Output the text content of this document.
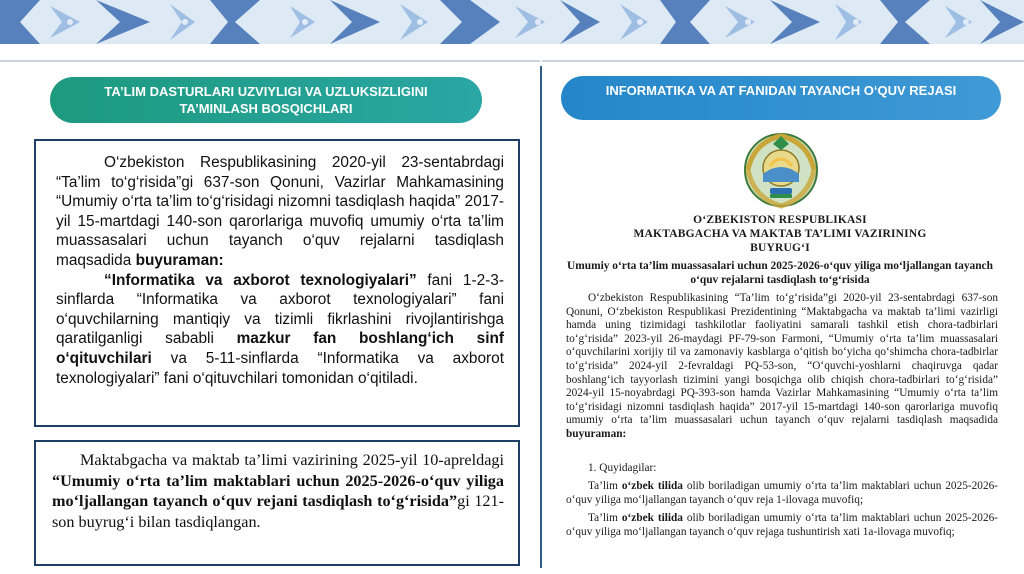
TA’LIM DASTURLARI UZVIYLIGI VA UZLUKSIZLIGINI TA’MINLASH BOSQICHLARI

O‘zbekiston Respublikasining 2020-yil 23-sentabrdagi “Ta’lim to‘g‘risida”gi 637-son Qonuni, Vazirlar Mahkamasining “Umumiy o‘rta ta’lim to‘g‘risidagi nizomni tasdiqlash haqida” 2017-yil 15-martdagi 140-son qarorlariga muvofiq umumiy o‘rta ta’lim muassasalari uchun tayanch o‘quv rejalarni tasdiqlash maqsadida buyuraman:
“Informatika va axborot texnologiyalari” fani 1-2-3-sinflarda “Informatika va axborot texnologiyalari” fani o‘quvchilarning mantiqiy va tizimli fikrlashini rivojlantirishga qaratilganligi sababli mazkur fan boshlang‘ich sinf o‘qituvchilari va 5-11-sinflarda “Informatika va axborot texnologiyalari” fani o‘qituvchilari tomonidan o‘qitiladi.

Maktabgacha va maktab ta’limi vazirining 2025-yil 10-apreldagi “Umumiy o‘rta ta’lim maktablari uchun 2025-2026-o‘quv yiliga mo‘ljallangan tayanch o‘quv rejani tasdiqlash to‘g‘risida”gi 121-son buyrug‘i bilan tasdiqlangan.

INFORMATIKA VA AT FANIDAN TAYANCH O‘QUV REJASI
O‘ZBEKISTON RESPUBLIKASI
MAKTABGACHA VA MAKTAB TA’LIMI VAZIRINING
BUYRUG‘I
Umumiy o‘rta ta’lim muassasalari uchun 2025-2026-o‘quv yiliga mo‘ljallangan tayanch o‘quv rejalarni tasdiqlash to‘g‘risida

O‘zbekiston Respublikasining “Ta’lim to‘g‘risida”gi 2020-yil 23-sentabrdagi 637-son Qonuni, O‘zbekiston Respublikasi Prezidentining “Maktabgacha va maktab ta’limi vazirligi hamda uning tizimidagi tashkilotlar faoliyatini samarali tashkil etish chora-tadbirlari to‘g‘risida” 2023-yil 26-maydagi PF-79-son Farmoni, “Umumiy o‘rta ta’lim muassasalari o‘quvchilarini xorijiy til va zamonaviy kasblarga o‘qitish bo‘yicha qo‘shimcha chora-tadbirlar to‘g‘risida” 2024-yil 2-fevraldagi PQ-53-son, “O‘quvchi-yoshlarni chaqiruvga qadar boshlang‘ich tayyorlash tizimini yangi bosqichga olib chiqish chora-tadbirlari to‘g‘risida” 2024-yil 15-noyabrdagi PQ-393-son hamda Vazirlar Mahkamasining “Umumiy o‘rta ta’lim to‘g‘risidagi nizomni tasdiqlash haqida” 2017-yil 15-martdagi 140-son qarorlariga muvofiq umumiy o‘rta ta’lim muassasalari uchun tayanch o‘quv rejalarni tasdiqlash maqsadida buyuraman:

1. Quyidagilar:

Ta’lim o‘zbek tilida olib boriladigan umumiy o‘rta ta’lim maktablari uchun 2025-2026-o‘quv yiliga mo‘ljallangan tayanch o‘quv reja 1-ilovaga muvofiq;

Ta’lim o‘zbek tilida olib boriladigan umumiy o‘rta ta’lim maktablari uchun 2025-2026-o‘quv yiliga mo‘ljallangan tayanch o‘quv rejaga tushuntirish xati 1a-ilovaga muvofiq;
